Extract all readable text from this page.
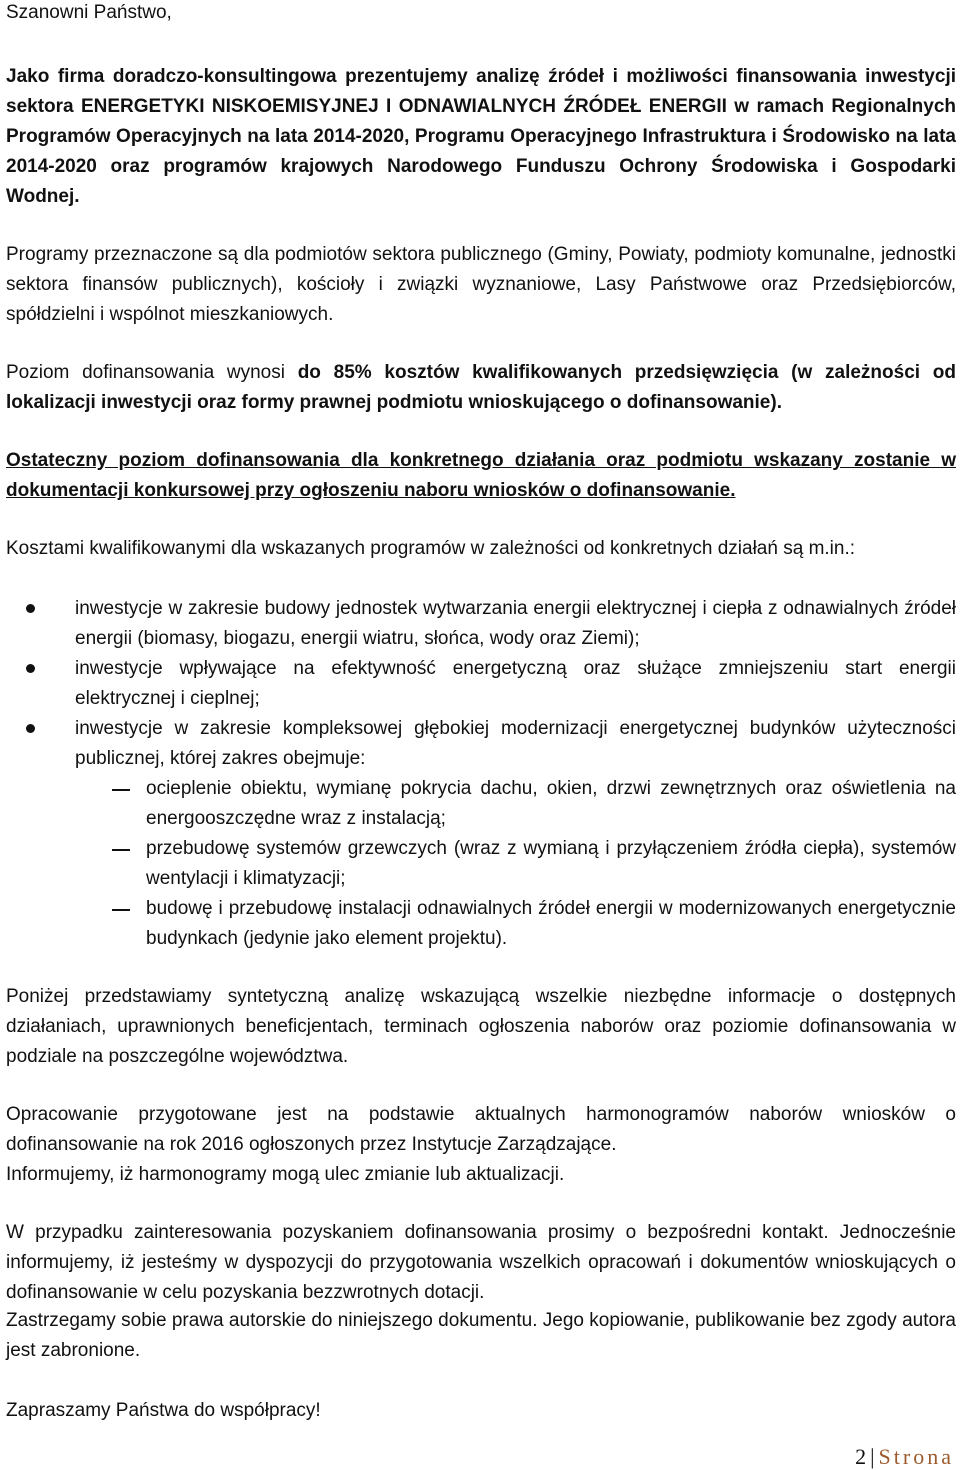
Szanowni Państwo,

Jako firma doradczo-konsultingowa prezentujemy analizę źródeł i możliwości finansowania inwestycji sektora ENERGETYKI NISKOEMISYJNEJ I ODNAWIALNYCH ŹRÓDEŁ ENERGII w ramach Regionalnych Programów Operacyjnych na lata 2014-2020, Programu Operacyjnego Infrastruktura i Środowisko na lata 2014-2020 oraz programów krajowych Narodowego Funduszu Ochrony Środowiska i Gospodarki Wodnej.

Programy przeznaczone są dla podmiotów sektora publicznego (Gminy, Powiaty, podmioty komunalne, jednostki sektora finansów publicznych), kościoły i związki wyznaniowe, Lasy Państwowe oraz Przedsiębiorców, spółdzielni i wspólnot mieszkaniowych.

Poziom dofinansowania wynosi do 85% kosztów kwalifikowanych przedsięwzięcia (w zależności od lokalizacji inwestycji oraz formy prawnej podmiotu wnioskującego o dofinansowanie).

Ostateczny poziom dofinansowania dla konkretnego działania oraz podmiotu wskazany zostanie w dokumentacji konkursowej przy ogłoszeniu naboru wniosków o dofinansowanie.

Kosztami kwalifikowanymi dla wskazanych programów w zależności od konkretnych działań są m.in.:

inwestycje w zakresie budowy jednostek wytwarzania energii elektrycznej i ciepła z odnawialnych źródeł energii (biomasy, biogazu, energii wiatru, słońca, wody oraz Ziemi);
inwestycje wpływające na efektywność energetyczną oraz służące zmniejszeniu start energii elektrycznej i cieplnej;
inwestycje w zakresie kompleksowej głębokiej modernizacji energetycznej budynków użyteczności publicznej, której zakres obejmuje:
ocieplenie obiektu, wymianę pokrycia dachu, okien, drzwi zewnętrznych oraz oświetlenia na energooszczędne wraz z instalacją;
przebudowę systemów grzewczych (wraz z wymianą i przyłączeniem źródła ciepła), systemów wentylacji i klimatyzacji;
budowę i przebudowę instalacji odnawialnych źródeł energii w modernizowanych energetycznie budynkach (jedynie jako element projektu).

Poniżej przedstawiamy syntetyczną analizę wskazującą wszelkie niezbędne informacje o dostępnych działaniach, uprawnionych beneficjentach, terminach ogłoszenia naborów oraz poziomie dofinansowania w podziale na poszczególne województwa.

Opracowanie przygotowane jest na podstawie aktualnych harmonogramów naborów wniosków o dofinansowanie na rok 2016 ogłoszonych przez Instytucje Zarządzające.

Informujemy, iż harmonogramy mogą ulec zmianie lub aktualizacji.

W przypadku zainteresowania pozyskaniem dofinansowania prosimy o bezpośredni kontakt. Jednocześnie informujemy, iż jesteśmy w dyspozycji do przygotowania wszelkich opracowań i dokumentów wnioskujących o dofinansowanie w celu pozyskania bezzwrotnych dotacji.

Zastrzegamy sobie prawa autorskie do niniejszego dokumentu. Jego kopiowanie, publikowanie bez zgody autora jest zabronione.

Zapraszamy Państwa do współpracy!

2 | Strona
